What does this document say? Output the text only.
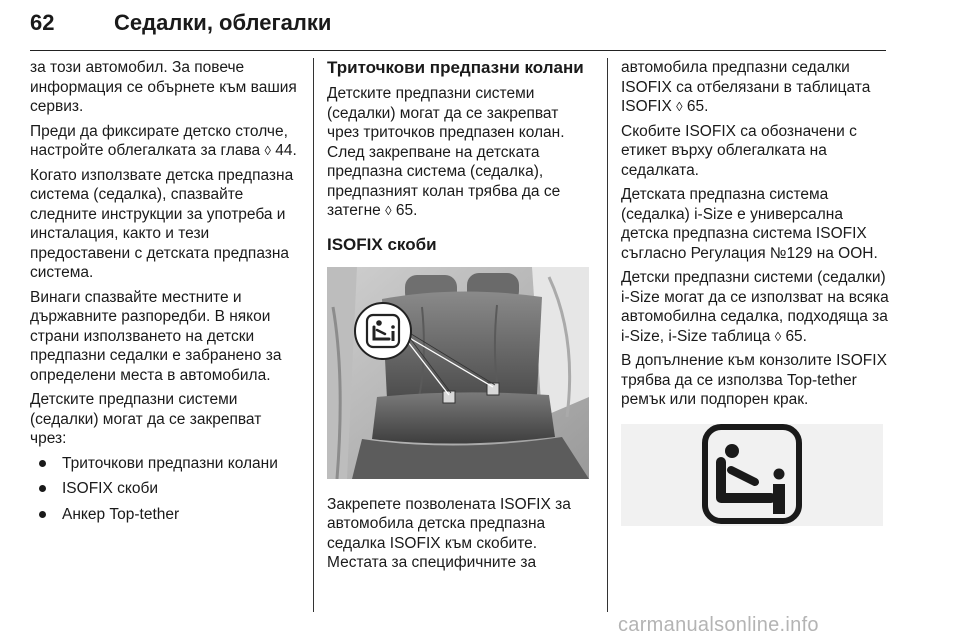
62	Седалки, облегалки

за този автомобил. За повече информация се обърнете към вашия сервиз.

Преди да фиксирате детско столче, настройте облегалката за глава ◊ 44.

Когато използвате детска предпазна система (седалка), спазвайте следните инструкции за употреба и инсталация, както и тези предоставени с детската предпазна система.

Винаги спазвайте местните и държавните разпоредби. В някои страни използването на детски предпазни седалки е забранено за определени места в автомобила.

Детските предпазни системи (седалки) могат да се закрепват чрез:

Триточкови предпазни колани
ISOFIX скоби
Анкер Top-tether
Триточкови предпазни колани

Детските предпазни системи (седалки) могат да се закрепват чрез триточков предпазен колан. След закрепване на детската предпазна система (седалка), предпазният колан трябва да се затегне ◊ 65.

ISOFIX скоби

Закрепете позволената ISOFIX за автомобила детска предпазна седалка ISOFIX към скобите. Местата за специфичните за

автомобила предпазни седалки ISOFIX са отбелязани в таблицата ISOFIX ◊ 65.

Скобите ISOFIX са обозначени с етикет върху облегалката на седалката.

Детската предпазна система (седалка) i-Size е универсална детска предпазна система ISOFIX съгласно Регулация №129 на ООН.

Детски предпазни системи (седалки) i-Size могат да се използват на всяка автомобилна седалка, подходяща за i-Size, i-Size таблица ◊ 65.

В допълнение към конзолите ISOFIX трябва да се използва Top-tether ремък или подпорен крак.

carmanualsonline.info
